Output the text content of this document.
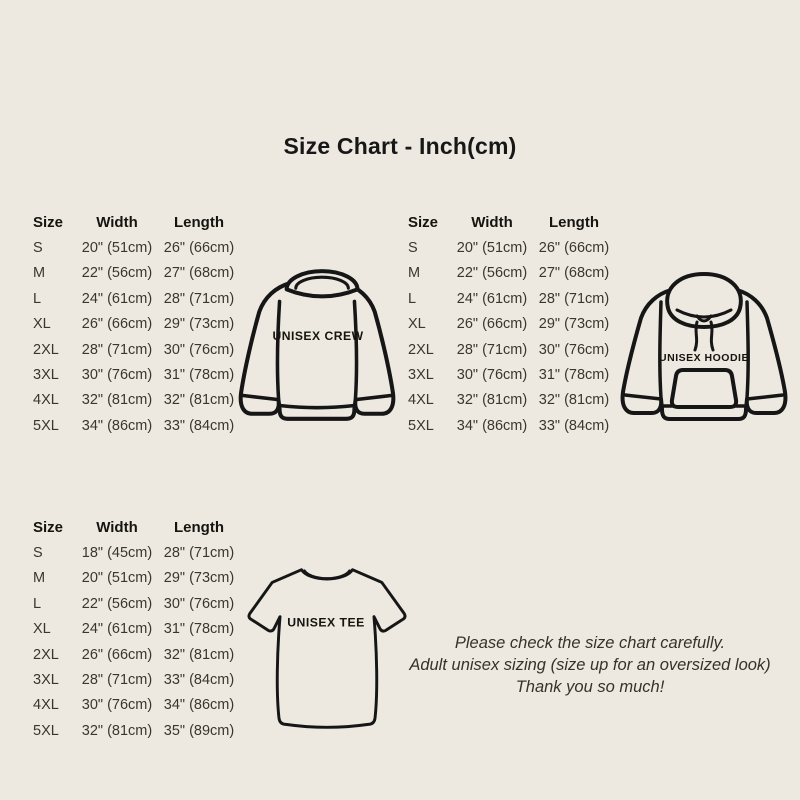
Size Chart - Inch(cm)
Size	Width	Length
S	20" (51cm)	26" (66cm)
M	22" (56cm)	27" (68cm)
L	24" (61cm)	28" (71cm)
XL	26" (66cm)	29" (73cm)
2XL	28" (71cm)	30" (76cm)
3XL	30" (76cm)	31" (78cm)
4XL	32" (81cm)	32" (81cm)
5XL	34" (86cm)	33" (84cm)
Size	Width	Length
S	20" (51cm)	26" (66cm)
M	22" (56cm)	27" (68cm)
L	24" (61cm)	28" (71cm)
XL	26" (66cm)	29" (73cm)
2XL	28" (71cm)	30" (76cm)
3XL	30" (76cm)	31" (78cm)
4XL	32" (81cm)	32" (81cm)
5XL	34" (86cm)	33" (84cm)
Size	Width	Length
S	18" (45cm)	28" (71cm)
M	20" (51cm)	29" (73cm)
L	22" (56cm)	30" (76cm)
XL	24" (61cm)	31" (78cm)
2XL	26" (66cm)	32" (81cm)
3XL	28" (71cm)	33" (84cm)
4XL	30" (76cm)	34" (86cm)
5XL	32" (81cm)	35" (89cm)
UNISEX CREW
UNISEX HOODIE
UNISEX TEE
Please check the size chart carefully.
Adult unisex sizing (size up for an oversized look)
Thank you so much!
